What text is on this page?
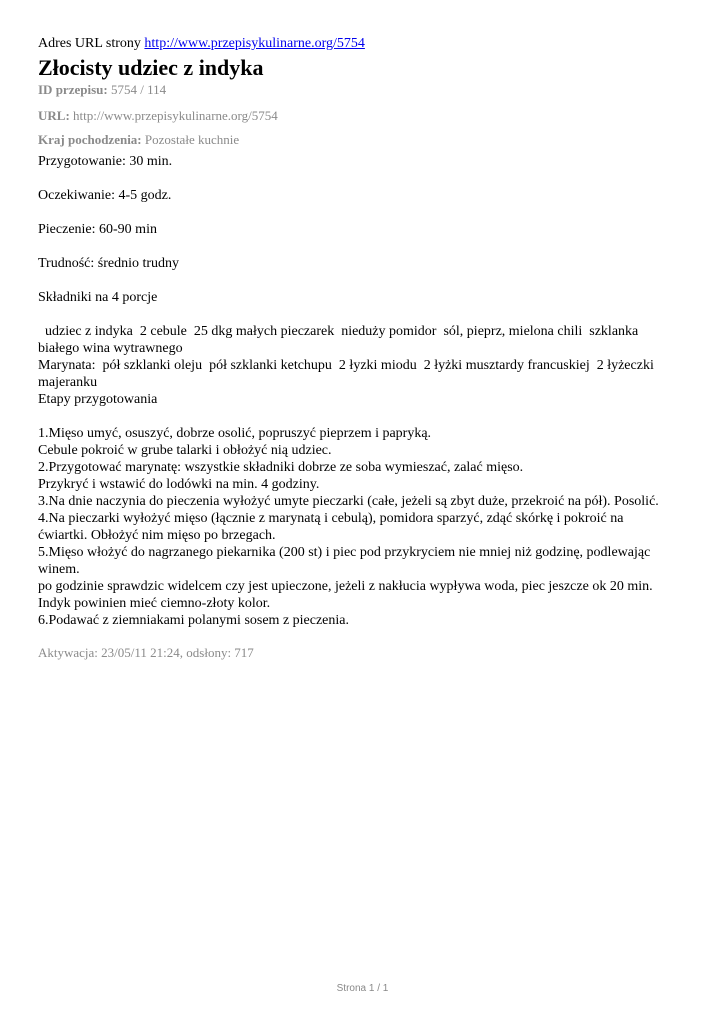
Adres URL strony http://www.przepisykulinarne.org/5754
Złocisty udziec z indyka
ID przepisu: 5754 / 114
URL: http://www.przepisykulinarne.org/5754
Kraj pochodzenia: Pozostałe kuchnie

Przygotowanie: 30 min.

Oczekiwanie: 4-5 godz.

Pieczenie: 60-90 min

Trudność: średnio trudny

Składniki na 4 porcje

udziec z indyka  2 cebule  25 dkg małych pieczarek  nieduży pomidor  sól, pieprz, mielona chili  szklanka

białego wina wytrawnego

Marynata:  pół szklanki oleju  pół szklanki ketchupu  2 łyzki miodu  2 łyżki musztardy francuskiej  2 łyżeczki

majeranku

Etapy przygotowania

1.Mięso umyć, osuszyć, dobrze osolić, popruszyć pieprzem i papryką.

Cebule pokroić w grube talarki i obłożyć nią udziec.

2.Przygotować marynatę: wszystkie składniki dobrze ze soba wymieszać, zalać mięso.

Przykryć i wstawić do lodówki na min. 4 godziny.

3.Na dnie naczynia do pieczenia wyłożyć umyte pieczarki (całe, jeżeli są zbyt duże, przekroić na pół). Posolić.

4.Na pieczarki wyłożyć mięso (łącznie z marynatą i cebulą), pomidora sparzyć, zdąć skórkę i pokroić na

ćwiartki. Obłożyć nim mięso po brzegach.

5.Mięso włożyć do nagrzanego piekarnika (200 st) i piec pod przykryciem nie mniej niż godzinę, podlewając

winem.

po godzinie sprawdzic widelcem czy jest upieczone, jeżeli z nakłucia wypływa woda, piec jeszcze ok 20 min.

Indyk powinien mieć ciemno-złoty kolor.

6.Podawać z ziemniakami polanymi sosem z pieczenia.

Aktywacja: 23/05/11 21:24, odsłony: 717
Strona 1 / 1
